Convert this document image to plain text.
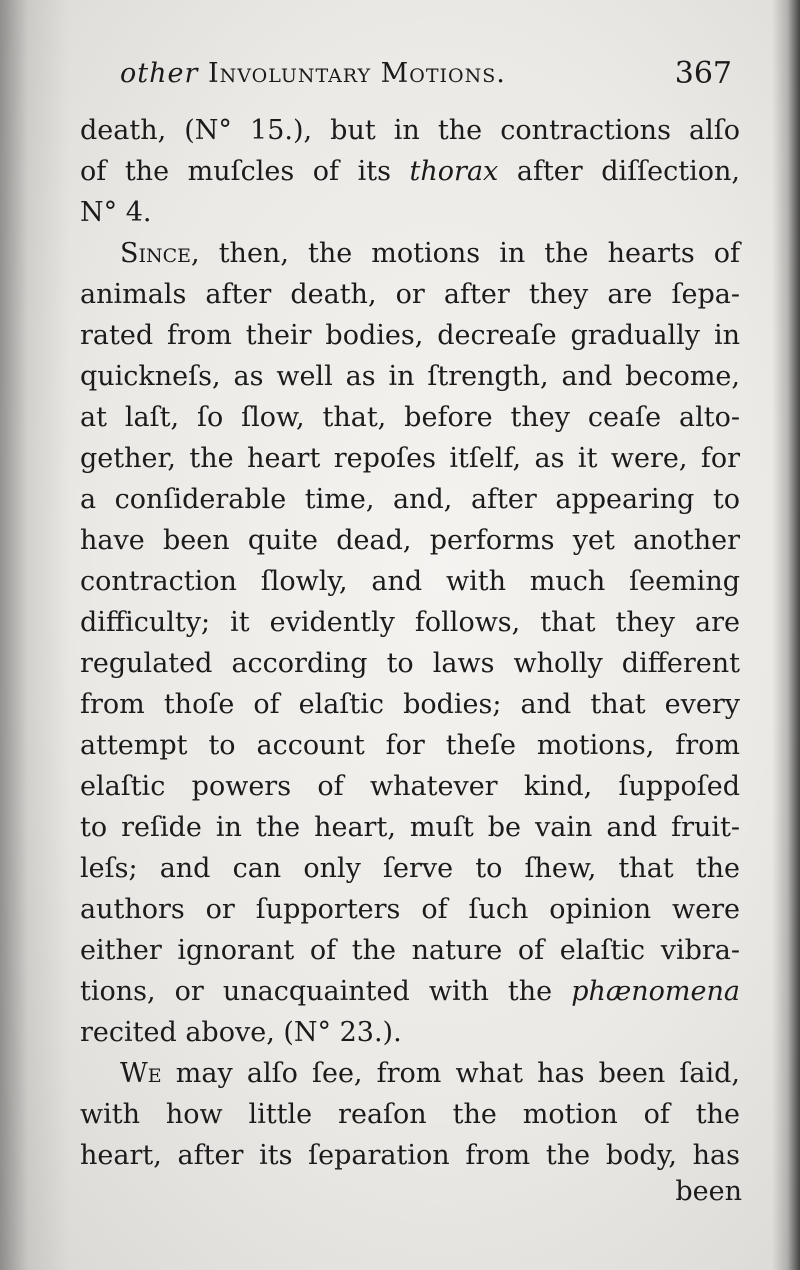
other Involuntary Motions.	367
death, (N° 15.), but in the contractions alſo
of the muſcles of its thorax after diſſection,
N° 4.
Since, then, the motions in the hearts of
animals after death, or after they are ſepa-
rated from their bodies, decreaſe gradually in
quickneſs, as well as in ſtrength, and become,
at laſt, ſo ſlow, that, before they ceaſe alto-
gether, the heart repoſes itſelf, as it were, for
a conſiderable time, and, after appearing to
have been quite dead, performs yet another
contraction ſlowly, and with much ſeeming
difficulty; it evidently follows, that they are
regulated according to laws wholly different
from thoſe of elaſtic bodies; and that every
attempt to account for theſe motions, from
elaſtic powers of whatever kind, ſuppoſed
to reſide in the heart, muſt be vain and fruit-
leſs; and can only ſerve to ſhew, that the
authors or ſupporters of ſuch opinion were
either ignorant of the nature of elaſtic vibra-
tions, or unacquainted with the phænomena
recited above, (N° 23.).
We may alſo ſee, from what has been ſaid,
with how little reaſon the motion of the
heart, after its ſeparation from the body, has
been
